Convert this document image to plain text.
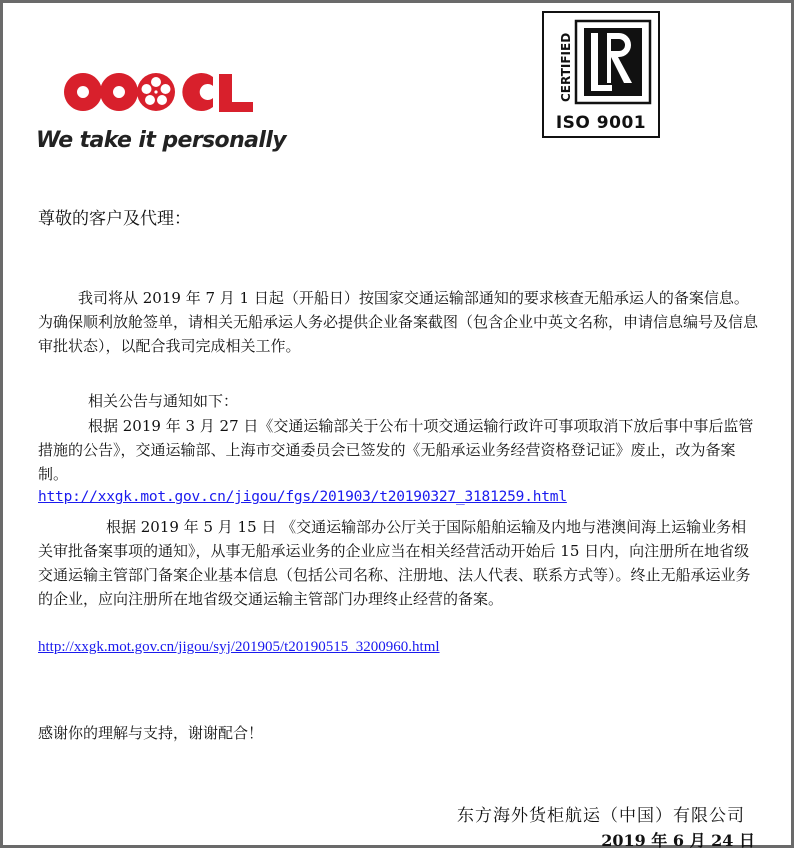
We take it personally

CERTIFIED
ISO 9001

尊敬的客户及代理：

我司将从 2019 年 7 月 1 日起（开船日）按国家交通运输部通知的要求核查无船承运人的备案信息。为确保顺利放舱签单，请相关无船承运人务必提供企业备案截图（包含企业中英文名称，申请信息编号及信息审批状态），以配合我司完成相关工作。

相关公告与通知如下：

根据 2019 年 3 月 27 日《交通运输部关于公布十项交通运输行政许可事项取消下放后事中事后监管措施的公告》，交通运输部、上海市交通委员会已签发的《无船承运业务经营资格登记证》废止，改为备案制。

http://xxgk.mot.gov.cn/jigou/fgs/201903/t20190327_3181259.html

根据 2019 年 5 月 15 日 《交通运输部办公厅关于国际船舶运输及内地与港澳间海上运输业务相关审批备案事项的通知》，从事无船承运业务的企业应当在相关经营活动开始后 15 日内，向注册所在地省级交通运输主管部门备案企业基本信息（包括公司名称、注册地、法人代表、联系方式等）。终止无船承运业务的企业，应向注册所在地省级交通运输主管部门办理终止经营的备案。

http://xxgk.mot.gov.cn/jigou/syj/201905/t20190515_3200960.html

感谢你的理解与支持，谢谢配合！

东方海外货柜航运（中国）有限公司

2019 年 6 月 24 日
